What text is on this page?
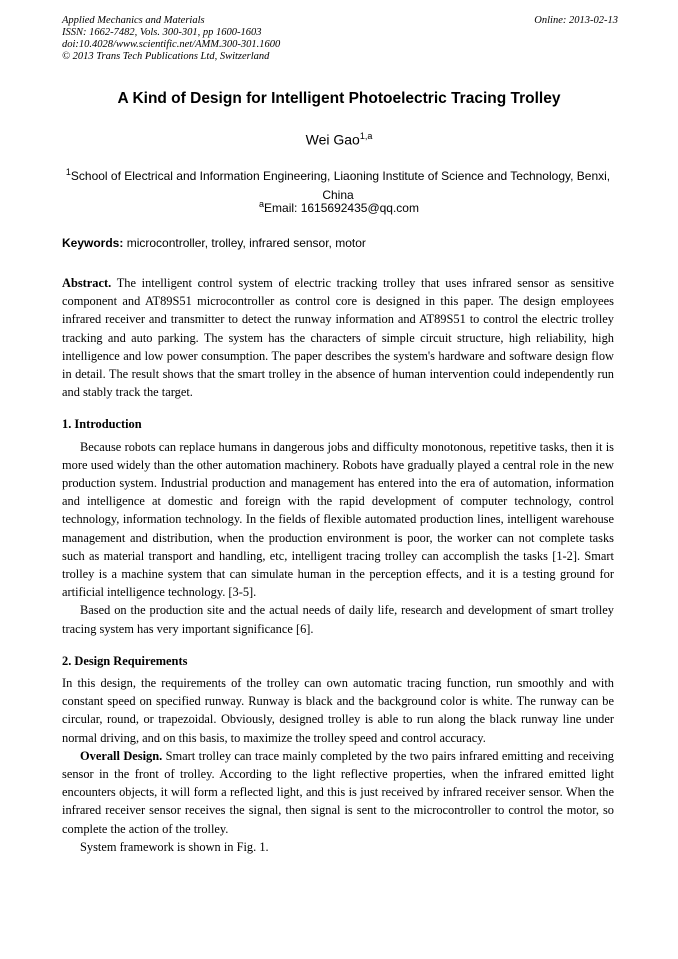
Applied Mechanics and Materials
ISSN: 1662-7482, Vols. 300-301, pp 1600-1603
doi:10.4028/www.scientific.net/AMM.300-301.1600
© 2013 Trans Tech Publications Ltd, Switzerland
Online: 2013-02-13
A Kind of Design for Intelligent Photoelectric Tracing Trolley
Wei Gao$^{1,a}$
$^1$School of Electrical and Information Engineering, Liaoning Institute of Science and Technology, Benxi, China
$^a$Email: 1615692435@qq.com
Keywords: microcontroller, trolley, infrared sensor, motor

Abstract. The intelligent control system of electric tracking trolley that uses infrared sensor as sensitive component and AT89S51 microcontroller as control core is designed in this paper. The design employees infrared receiver and transmitter to detect the runway information and AT89S51 to control the electric trolley tracking and auto parking. The system has the characters of simple circuit structure, high reliability, high intelligence and low power consumption. The paper describes the system's hardware and software design flow in detail. The result shows that the smart trolley in the absence of human intervention could independently run and stably track the target.

1. Introduction

Because robots can replace humans in dangerous jobs and difficulty monotonous, repetitive tasks, then it is more used widely than the other automation machinery. Robots have gradually played a central role in the new production system. Industrial production and management has entered into the era of automation, information and intelligence at domestic and foreign with the rapid development of computer technology, control technology, information technology. In the fields of flexible automated production lines, intelligent warehouse management and distribution, when the production environment is poor, the worker can not complete tasks such as material transport and handling, etc, intelligent tracing trolley can accomplish the tasks [1-2]. Smart trolley is a machine system that can simulate human in the perception effects, and it is a testing ground for artificial intelligence technology. [3-5].

Based on the production site and the actual needs of daily life, research and development of smart trolley tracing system has very important significance [6].

2. Design Requirements

In this design, the requirements of the trolley can own automatic tracing function, run smoothly and with constant speed on specified runway. Runway is black and the background color is white. The runway can be circular, round, or trapezoidal. Obviously, designed trolley is able to run along the black runway line under normal driving, and on this basis, to maximize the trolley speed and control accuracy.

Overall Design. Smart trolley can trace mainly completed by the two pairs infrared emitting and receiving sensor in the front of trolley. According to the light reflective properties, when the infrared emitted light encounters objects, it will form a reflected light, and this is just received by infrared receiver sensor. When the infrared receiver sensor receives the signal, then signal is sent to the microcontroller to control the motor, so complete the action of the trolley.

System framework is shown in Fig. 1.
